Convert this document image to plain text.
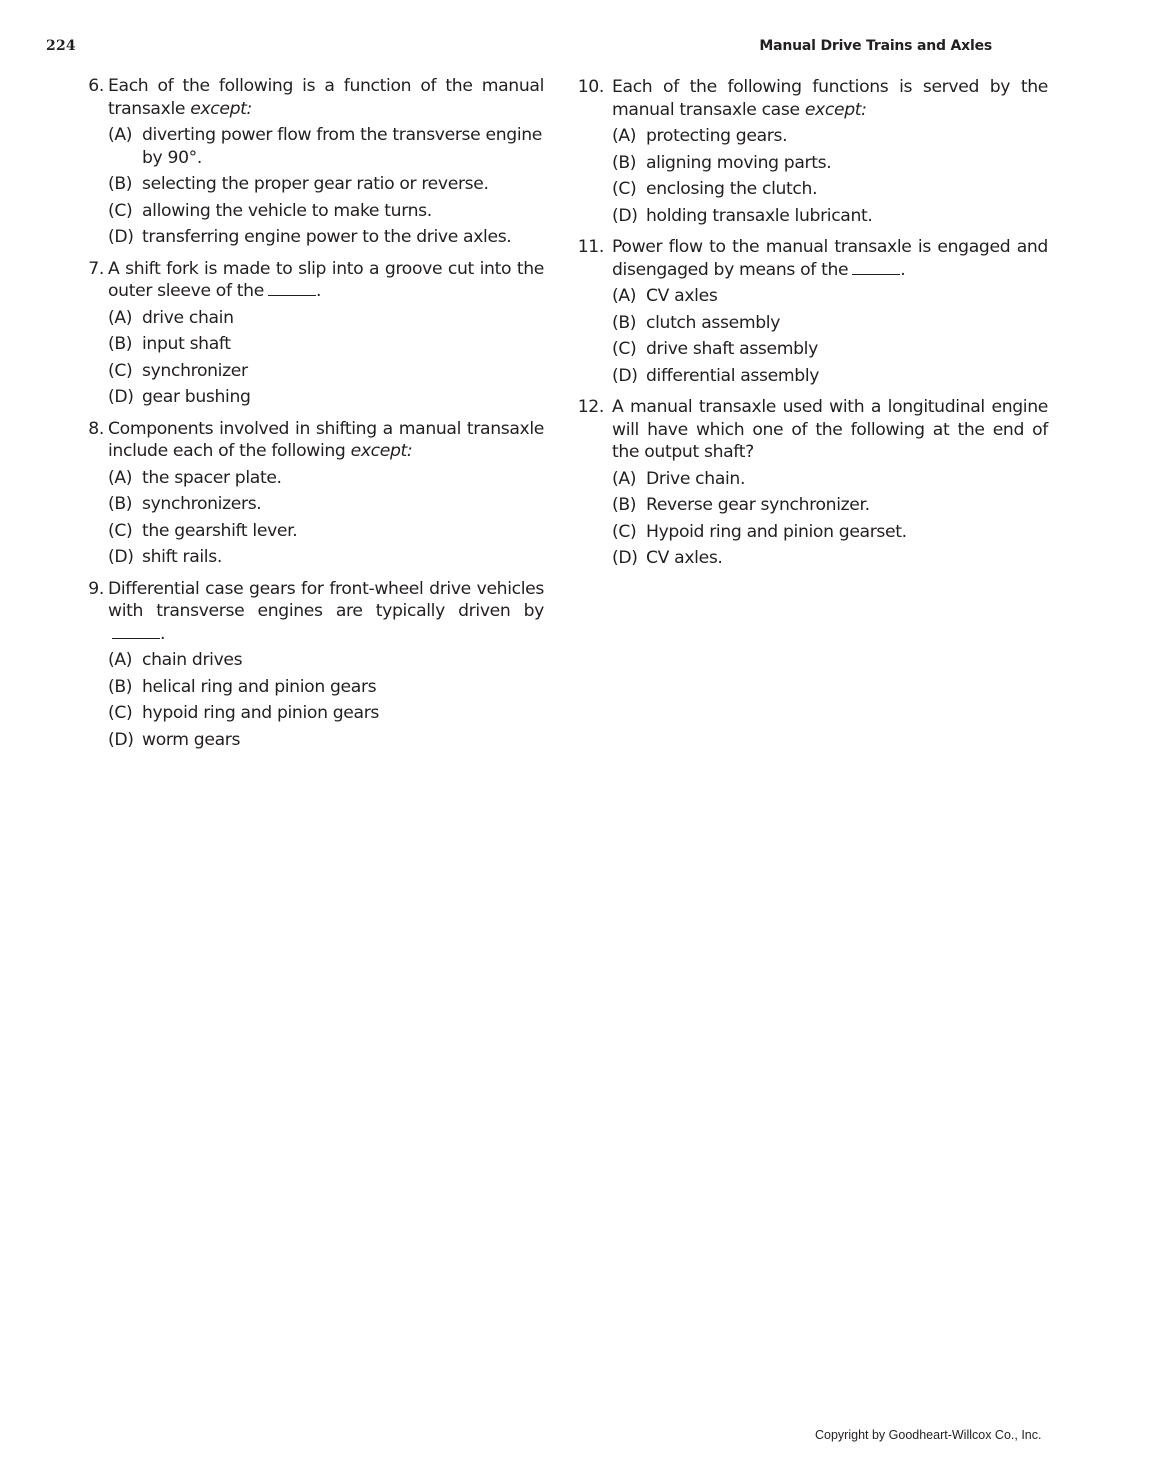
224	Manual Drive Trains and Axles
6. Each of the following is a function of the manual transaxle except:
(A) diverting power flow from the transverse engine by 90°.
(B) selecting the proper gear ratio or reverse.
(C) allowing the vehicle to make turns.
(D) transferring engine power to the drive axles.
7. A shift fork is made to slip into a groove cut into the outer sleeve of the	.
(A) drive chain
(B) input shaft
(C) synchronizer
(D) gear bushing
8. Components involved in shifting a manual transaxle include each of the following except:
(A) the spacer plate.
(B) synchronizers.
(C) the gearshift lever.
(D) shift rails.
9. Differential case gears for front-wheel drive vehicles with transverse engines are typically driven by.
(A) chain drives
(B) helical ring and pinion gears
(C) hypoid ring and pinion gears
(D) worm gears
10. Each of the following functions is served by the manual transaxle case except:
(A) protecting gears.
(B) aligning moving parts.
(C) enclosing the clutch.
(D) holding transaxle lubricant.
11. Power flow to the manual transaxle is engaged and disengaged by means of the	.
(A) CV axles
(B) clutch assembly
(C) drive shaft assembly
(D) differential assembly
12. A manual transaxle used with a longitudinal engine will have which one of the following at the end of the output shaft?
(A) Drive chain.
(B) Reverse gear synchronizer.
(C) Hypoid ring and pinion gearset.
(D) CV axles.
Copyright by Goodheart-Willcox Co., Inc.
